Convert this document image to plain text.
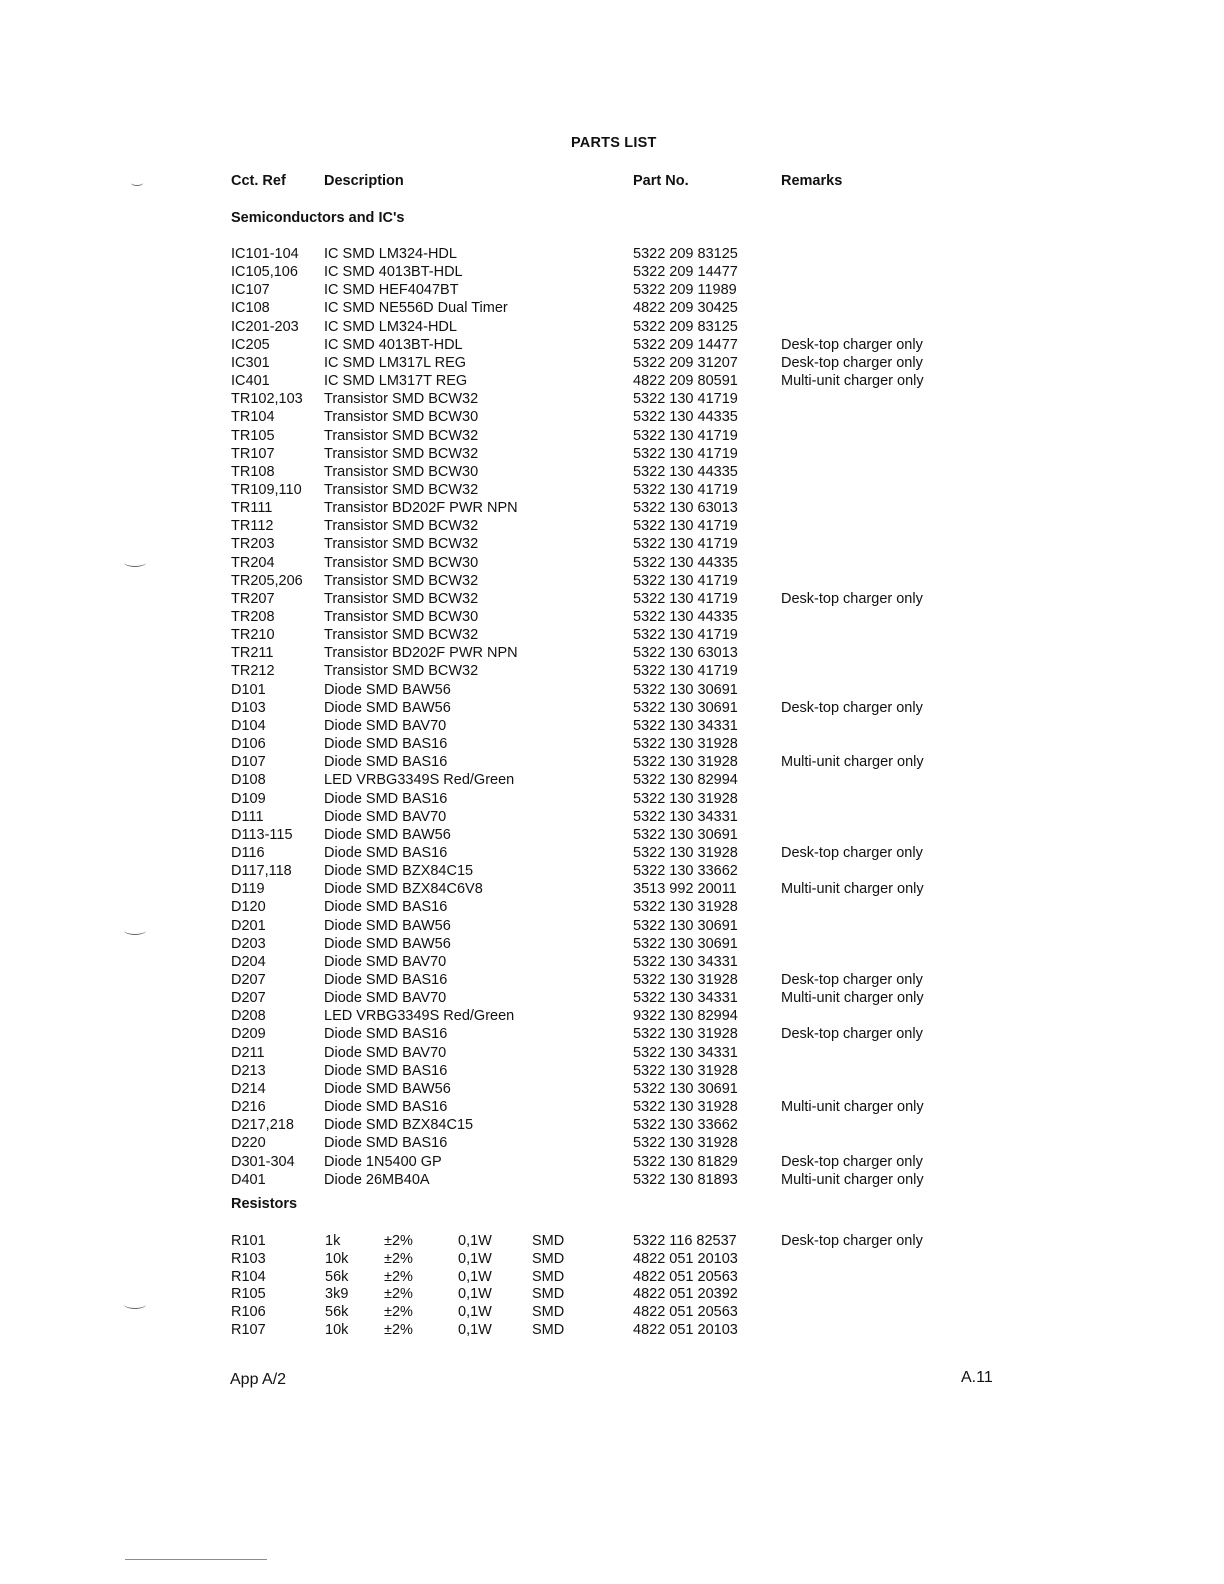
PARTS LIST
Cct. Ref	Description	Part No.	Remarks
Semiconductors and IC's
IC101-104 IC SMD LM324-HDL	5322 209 83125
IC105,106 IC SMD 4013BT-HDL	5322 209 14477
IC107	IC SMD HEF4047BT	5322 209 11989
IC108	IC SMD NE556D Dual Timer	4822 209 30425
IC201-203 IC SMD LM324-HDL	5322 209 83125
IC205	IC SMD 4013BT-HDL	5322 209 14477	Desk-top charger only
IC301	IC SMD LM317L REG	5322 209 31207	Desk-top charger only
IC401	IC SMD LM317T REG	4822 209 80591	Multi-unit charger only
TR102,103 Transistor SMD BCW32	5322 130 41719
TR104	Transistor SMD BCW30	5322 130 44335
TR105	Transistor SMD BCW32	5322 130 41719
TR107	Transistor SMD BCW32	5322 130 41719
TR108	Transistor SMD BCW30	5322 130 44335
TR109,110 Transistor SMD BCW32	5322 130 41719
TR111	Transistor BD202F PWR NPN	5322 130 63013
TR112	Transistor SMD BCW32	5322 130 41719
TR203	Transistor SMD BCW32	5322 130 41719
TR204	Transistor SMD BCW30	5322 130 44335
TR205,206 Transistor SMD BCW32	5322 130 41719
TR207	Transistor SMD BCW32	5322 130 41719	Desk-top charger only
TR208	Transistor SMD BCW30	5322 130 44335
TR210	Transistor SMD BCW32	5322 130 41719
TR211	Transistor BD202F PWR NPN	5322 130 63013
TR212	Transistor SMD BCW32	5322 130 41719
D101	Diode SMD BAW56	5322 130 30691
D103	Diode SMD BAW56	5322 130 30691	Desk-top charger only
D104	Diode SMD BAV70	5322 130 34331
D106	Diode SMD BAS16	5322 130 31928
D107	Diode SMD BAS16	5322 130 31928	Multi-unit charger only
D108	LED VRBG3349S Red/Green	5322 130 82994
D109	Diode SMD BAS16	5322 130 31928
D111	Diode SMD BAV70	5322 130 34331
D113-115 Diode SMD BAW56	5322 130 30691
D116	Diode SMD BAS16	5322 130 31928	Desk-top charger only
D117,118 Diode SMD BZX84C15	5322 130 33662
D119	Diode SMD BZX84C6V8	3513 992 20011	Multi-unit charger only
D120	Diode SMD BAS16	5322 130 31928
D201	Diode SMD BAW56	5322 130 30691
D203	Diode SMD BAW56	5322 130 30691
D204	Diode SMD BAV70	5322 130 34331
D207	Diode SMD BAS16	5322 130 31928	Desk-top charger only
D207	Diode SMD BAV70	5322 130 34331	Multi-unit charger only
D208	LED VRBG3349S Red/Green	9322 130 82994
D209	Diode SMD BAS16	5322 130 31928	Desk-top charger only
D211	Diode SMD BAV70	5322 130 34331
D213	Diode SMD BAS16	5322 130 31928
D214	Diode SMD BAW56	5322 130 30691
D216	Diode SMD BAS16	5322 130 31928	Multi-unit charger only
D217,218 Diode SMD BZX84C15	5322 130 33662
D220	Diode SMD BAS16	5322 130 31928
D301-304 Diode 1N5400 GP	5322 130 81829	Desk-top charger only
D401	Diode 26MB40A	5322 130 81893	Multi-unit charger only
Resistors
R101	1k	±2%	0,1W	SMD	5322 116 82537	Desk-top charger only
R103	10k ±2%	0,1W	SMD	4822 051 20103
R104	56k ±2%	0,1W	SMD	4822 051 20563
R105	3k9 ±2%	0,1W	SMD	4822 051 20392
R106	56k ±2%	0,1W	SMD	4822 051 20563
R107	10k ±2%	0,1W	SMD	4822 051 20103
App A/2	A.11
